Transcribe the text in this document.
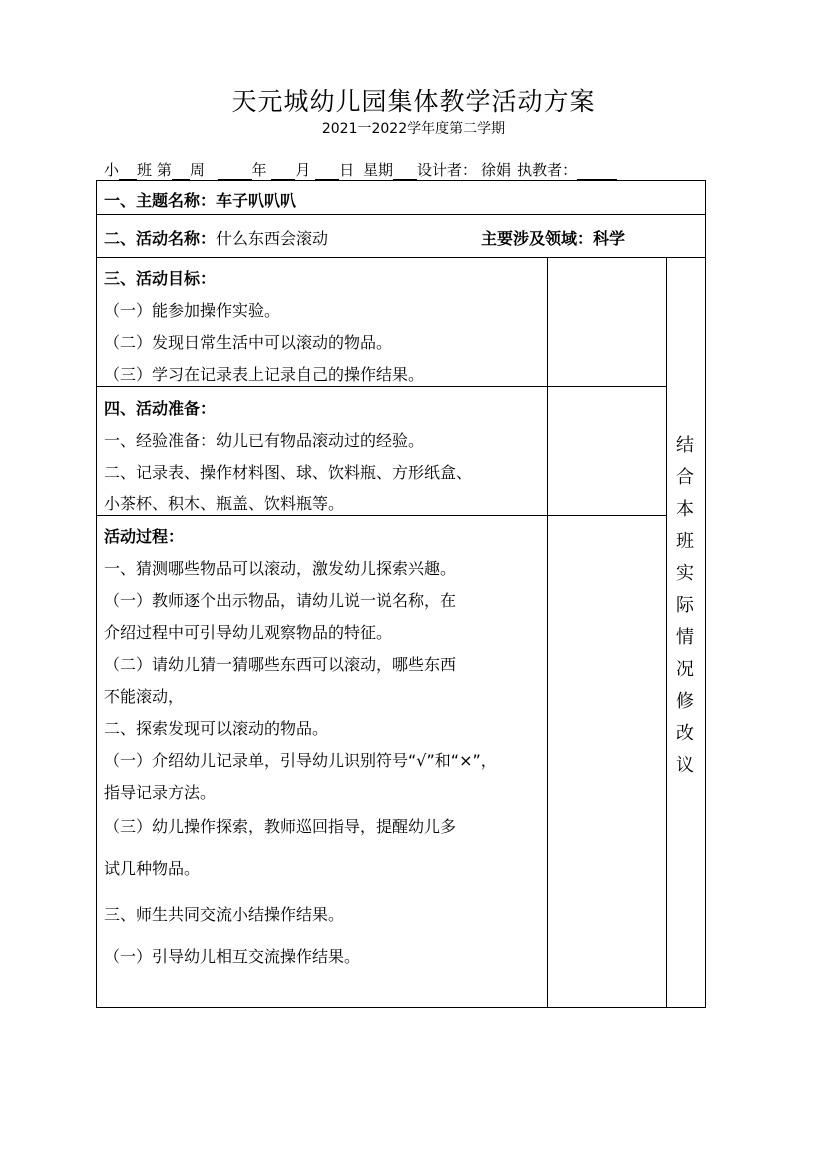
天元城幼儿园集体教学活动方案
2021一2022学年度第二学期
小 班 第 周	年 月 日 星期 设计者： 徐娟 执教者：
一、主题名称：车子叭叭叭
二、活动名称：什么东西会滚动	主要涉及领域：科学
三、活动目标：
（一）能参加操作实验。
（二）发现日常生活中可以滚动的物品。
（三）学习在记录表上记录自己的操作结果。
四、活动准备：
一、经验准备：幼儿已有物品滚动过的经验。
二、记录表、操作材料图、球、饮料瓶、方形纸盒、
小茶杯、积木、瓶盖、饮料瓶等。
活动过程：
一、猜测哪些物品可以滚动，激发幼儿探索兴趣。
（一）教师逐个出示物品，请幼儿说一说名称，在
介绍过程中可引导幼儿观察物品的特征。
（二）请幼儿猜一猜哪些东西可以滚动，哪些东西
不能滚动，
二、探索发现可以滚动的物品。
（一）介绍幼儿记录单，引导幼儿识别符号“√”和“×”，
指导记录方法。
（三）幼儿操作探索，教师巡回指导，提醒幼儿多
试几种物品。
三、师生共同交流小结操作结果。
（一）引导幼儿相互交流操作结果。
结
合
本
班
实
际
情
况
修
改
议
